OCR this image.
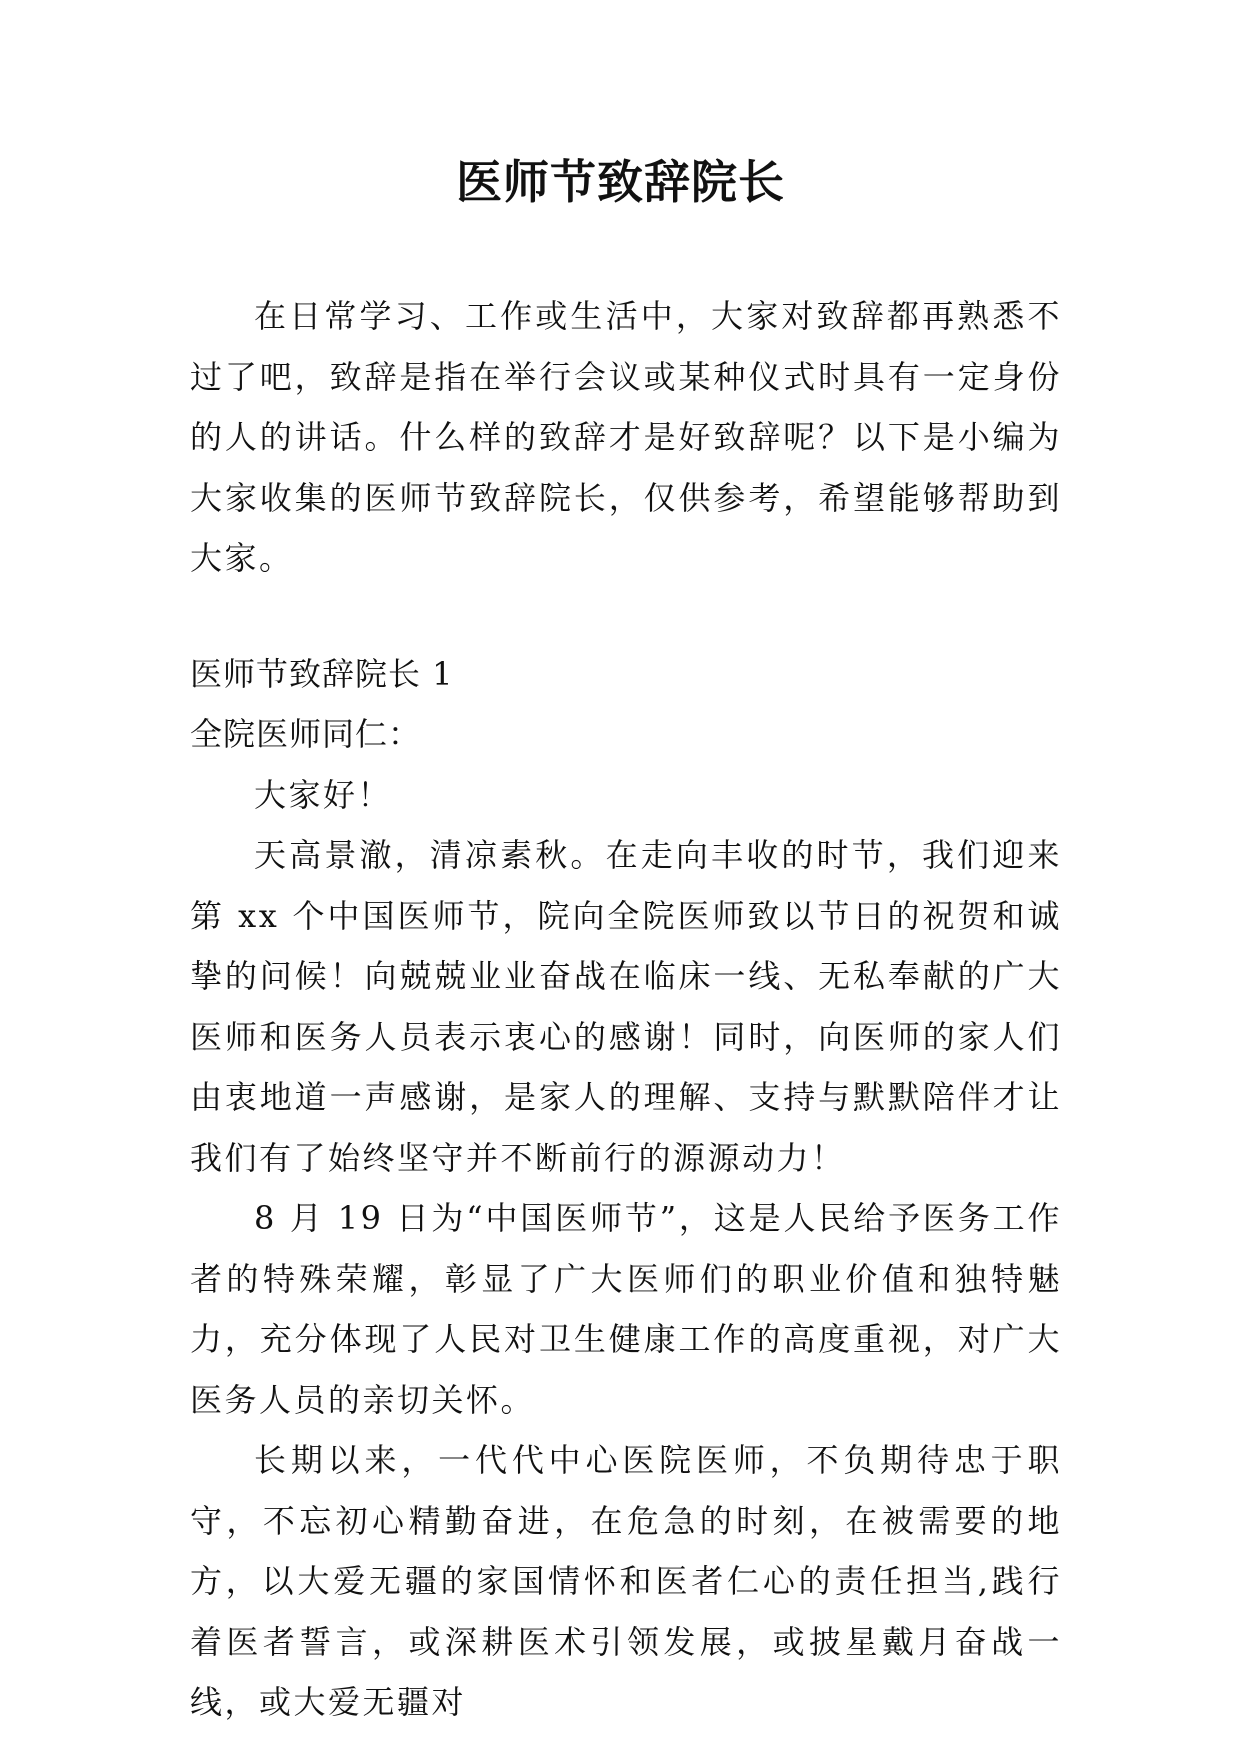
医师节致辞院长

在日常学习、工作或生活中，大家对致辞都再熟悉不过了吧，致辞是指在举行会议或某种仪式时具有一定身份的人的讲话。什么样的致辞才是好致辞呢？以下是小编为大家收集的医师节致辞院长，仅供参考，希望能够帮助到大家。

医师节致辞院长 1

全院医师同仁：

大家好！

天高景澈，清凉素秋。在走向丰收的时节，我们迎来第 xx 个中国医师节，院向全院医师致以节日的祝贺和诚挚的问候！向兢兢业业奋战在临床一线、无私奉献的广大医师和医务人员表示衷心的感谢！同时，向医师的家人们由衷地道一声感谢，是家人的理解、支持与默默陪伴才让我们有了始终坚守并不断前行的源源动力！

8 月 19 日为“中国医师节”，这是人民给予医务工作者的特殊荣耀，彰显了广大医师们的职业价值和独特魅力，充分体现了人民对卫生健康工作的高度重视，对广大医务人员的亲切关怀。

长期以来，一代代中心医院医师，不负期待忠于职守，不忘初心精勤奋进，在危急的时刻，在被需要的地方，以大爱无疆的家国情怀和医者仁心的责任担当,践行着医者誓言，或深耕医术引领发展，或披星戴月奋战一线，或大爱无疆对
